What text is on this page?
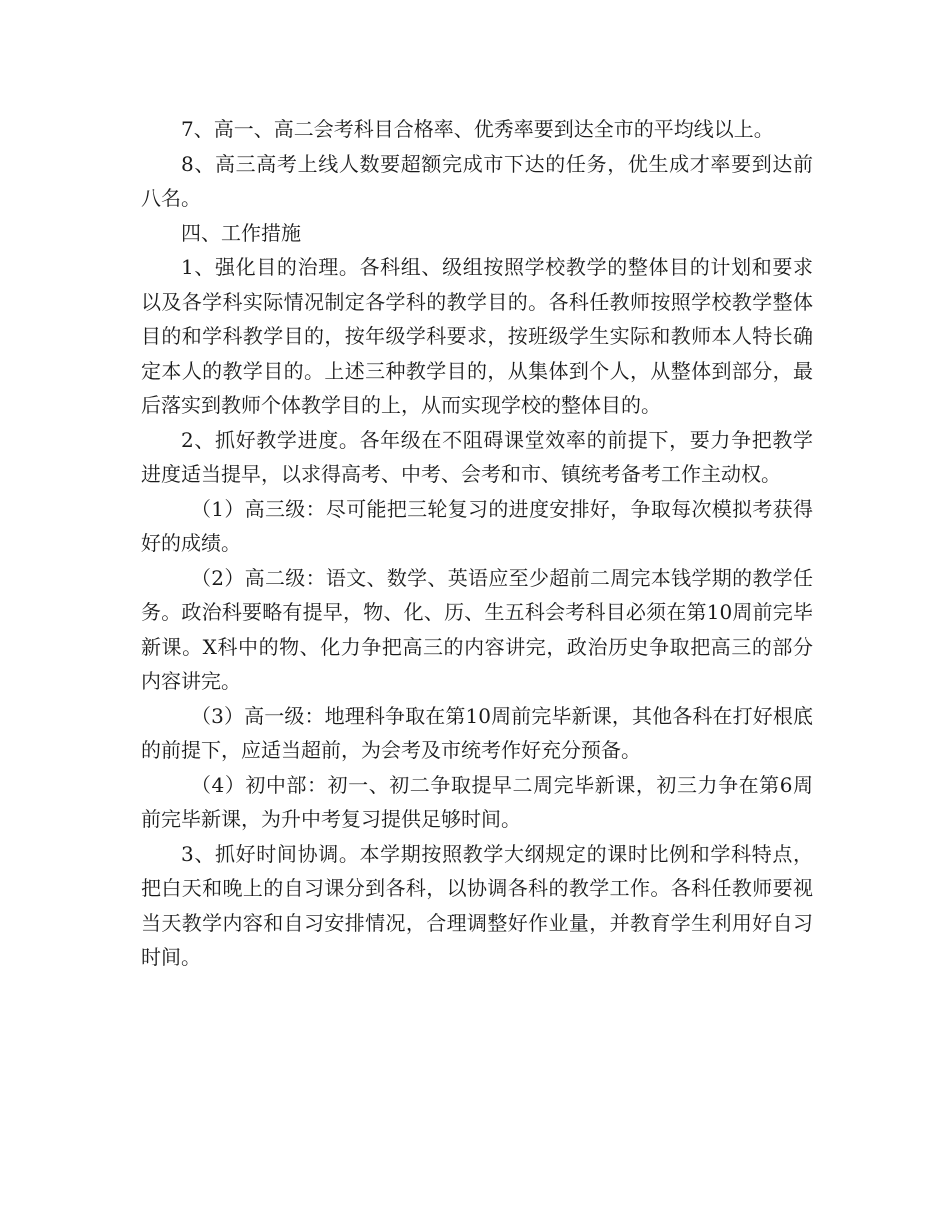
7、高一、高二会考科目合格率、优秀率要到达全市的平均线以上。

8、高三高考上线人数要超额完成市下达的任务，优生成才率要到达前八名。

四、工作措施

1、强化目的治理。各科组、级组按照学校教学的整体目的计划和要求以及各学科实际情况制定各学科的教学目的。各科任教师按照学校教学整体目的和学科教学目的，按年级学科要求，按班级学生实际和教师本人特长确定本人的教学目的。上述三种教学目的，从集体到个人，从整体到部分，最后落实到教师个体教学目的上，从而实现学校的整体目的。

2、抓好教学进度。各年级在不阻碍课堂效率的前提下，要力争把教学进度适当提早，以求得高考、中考、会考和市、镇统考备考工作主动权。

（1）高三级：尽可能把三轮复习的进度安排好，争取每次模拟考获得好的成绩。

（2）高二级：语文、数学、英语应至少超前二周完本钱学期的教学任务。政治科要略有提早，物、化、历、生五科会考科目必须在第10周前完毕新课。X科中的物、化力争把高三的内容讲完，政治历史争取把高三的部分内容讲完。

（3）高一级：地理科争取在第10周前完毕新课，其他各科在打好根底的前提下，应适当超前，为会考及市统考作好充分预备。

（4）初中部：初一、初二争取提早二周完毕新课，初三力争在第6周前完毕新课，为升中考复习提供足够时间。

3、抓好时间协调。本学期按照教学大纲规定的课时比例和学科特点，把白天和晚上的自习课分到各科，以协调各科的教学工作。各科任教师要视当天教学内容和自习安排情况，合理调整好作业量，并教育学生利用好自习时间。
